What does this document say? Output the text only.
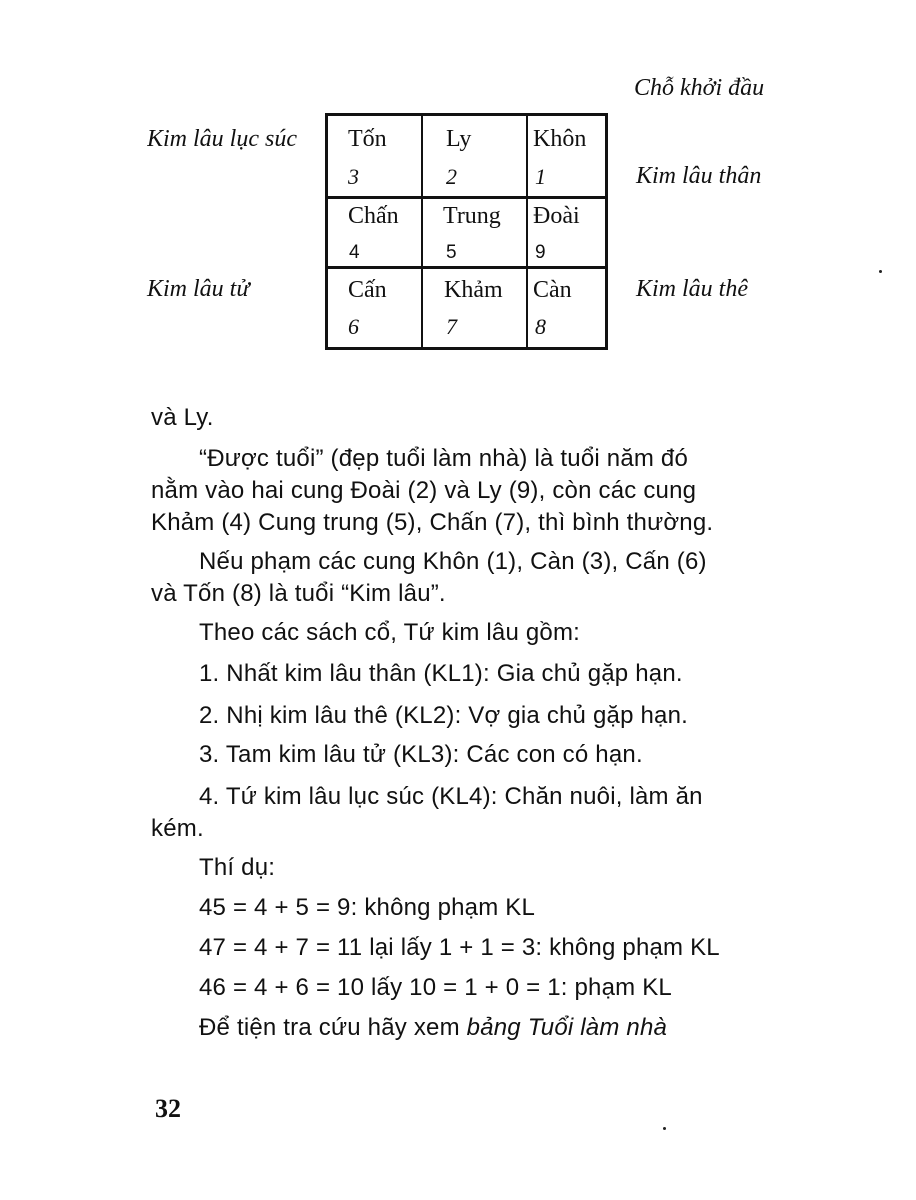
Chỗ khởi đầu
Kim lâu lục súc
Kim lâu thân
Kim lâu tử	Kim lâu thê
Tốn
3
Ly
2
Khôn
1
Chấn
4
Trung
5
Đoài
9
Cấn
6
Khảm
7
Càn
8
và Ly.
“Được tuổi” (đẹp tuổi làm nhà) là tuổi năm đó
nằm vào hai cung Đoài (2) và Ly (9), còn các cung
Khảm (4) Cung trung (5), Chấn (7), thì bình thường.
Nếu phạm các cung Khôn (1), Càn (3), Cấn (6)
và Tốn (8) là tuổi “Kim lâu”.
Theo các sách cổ, Tứ kim lâu gồm:
1. Nhất kim lâu thân (KL1): Gia chủ gặp hạn.
2. Nhị kim lâu thê (KL2): Vợ gia chủ gặp hạn.
3. Tam kim lâu tử (KL3): Các con có hạn.
4. Tứ kim lâu lục súc (KL4): Chăn nuôi, làm ăn
kém.
Thí dụ:
45 = 4 + 5 = 9: không phạm KL
47 = 4 + 7 = 11 lại lấy 1 + 1 = 3: không phạm KL
46 = 4 + 6 = 10 lấy 10 = 1 + 0 = 1: phạm KL
Để tiện tra cứu hãy xem bảng Tuổi làm nhà
32
